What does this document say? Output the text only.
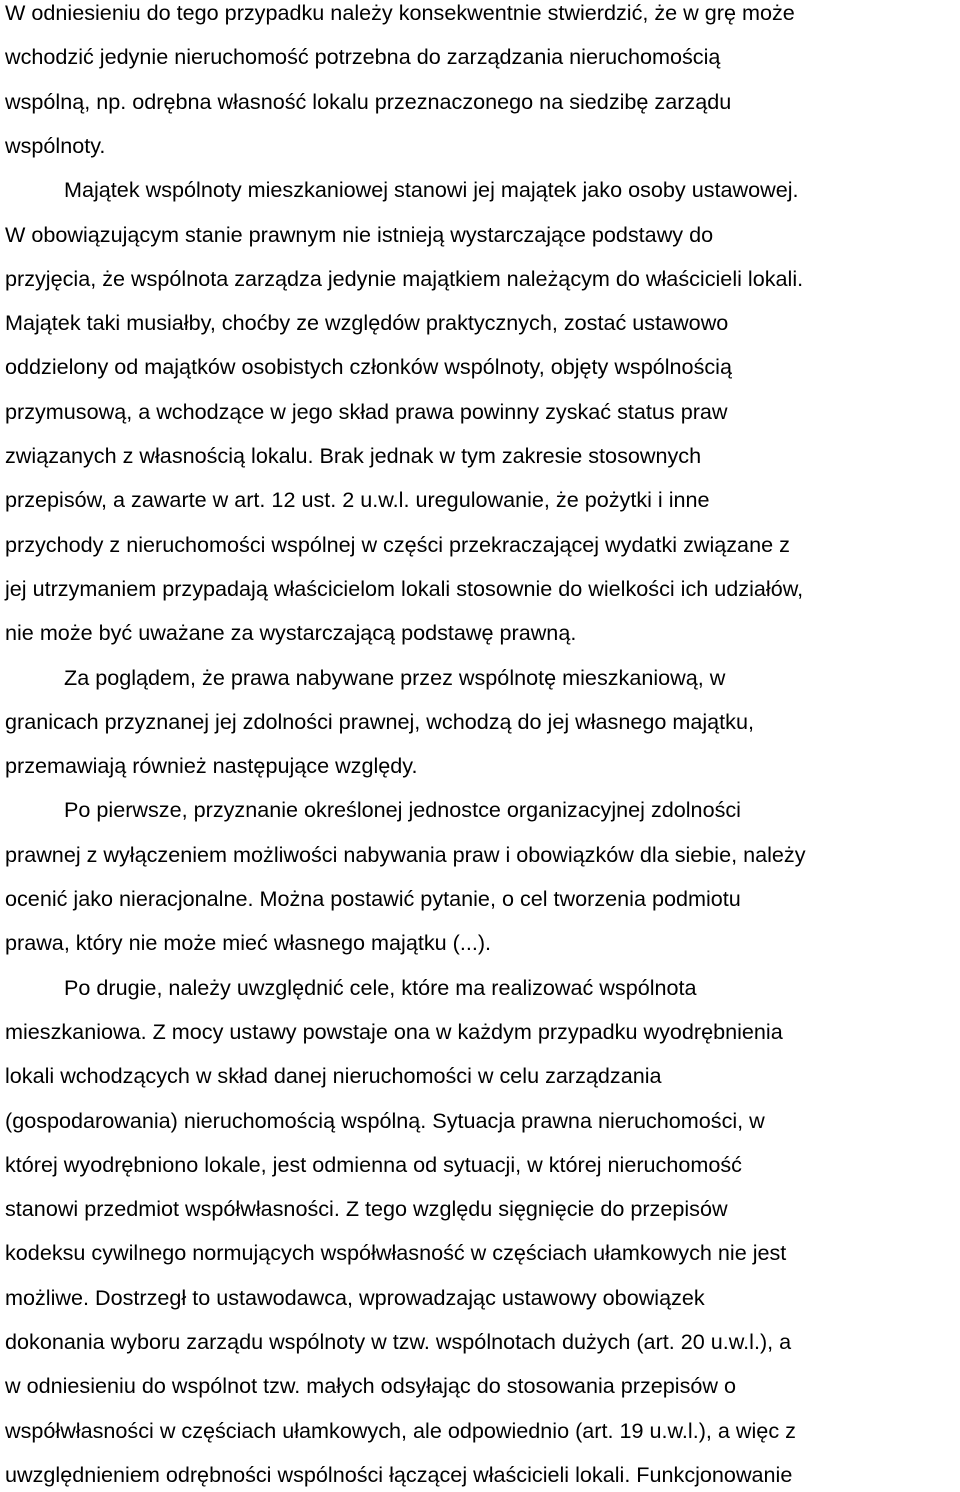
W odniesieniu do tego przypadku należy konsekwentnie stwierdzić, że w grę może

wchodzić jedynie nieruchomość potrzebna do zarządzania nieruchomością

wspólną, np. odrębna własność lokalu przeznaczonego na siedzibę zarządu

wspólnoty.

Majątek wspólnoty mieszkaniowej stanowi jej majątek jako osoby ustawowej.

W obowiązującym stanie prawnym nie istnieją wystarczające podstawy do

przyjęcia, że wspólnota zarządza jedynie majątkiem należącym do właścicieli lokali.

Majątek taki musiałby, choćby ze względów praktycznych, zostać ustawowo

oddzielony od majątków osobistych członków wspólnoty, objęty wspólnością

przymusową, a wchodzące w jego skład prawa powinny zyskać status praw

związanych z własnością lokalu. Brak jednak w tym zakresie stosownych

przepisów, a zawarte w art. 12 ust. 2 u.w.l. uregulowanie, że pożytki i inne

przychody z nieruchomości wspólnej w części przekraczającej wydatki związane z

jej utrzymaniem przypadają właścicielom lokali stosownie do wielkości ich udziałów,

nie może być uważane za wystarczającą podstawę prawną.

Za poglądem, że prawa nabywane przez wspólnotę mieszkaniową, w

granicach przyznanej jej zdolności prawnej, wchodzą do jej własnego majątku,

przemawiają również następujące względy.

Po pierwsze, przyznanie określonej jednostce organizacyjnej zdolności

prawnej z wyłączeniem możliwości nabywania praw i obowiązków dla siebie, należy

ocenić jako nieracjonalne. Można postawić pytanie, o cel tworzenia podmiotu

prawa, który nie może mieć własnego majątku (...).

Po drugie, należy uwzględnić cele, które ma realizować wspólnota

mieszkaniowa. Z mocy ustawy powstaje ona w każdym przypadku wyodrębnienia

lokali wchodzących w skład danej nieruchomości w celu zarządzania

(gospodarowania) nieruchomością wspólną. Sytuacja prawna nieruchomości, w

której wyodrębniono lokale, jest odmienna od sytuacji, w której nieruchomość

stanowi przedmiot współwłasności. Z tego względu sięgnięcie do przepisów

kodeksu cywilnego normujących współwłasność w częściach ułamkowych nie jest

możliwe. Dostrzegł to ustawodawca, wprowadzając ustawowy obowiązek

dokonania wyboru zarządu wspólnoty w tzw. wspólnotach dużych (art. 20 u.w.l.), a

w odniesieniu do wspólnot tzw. małych odsyłając do stosowania przepisów o

współwłasności w częściach ułamkowych, ale odpowiednio (art. 19 u.w.l.), a więc z

uwzględnieniem odrębności wspólności łączącej właścicieli lokali. Funkcjonowanie
